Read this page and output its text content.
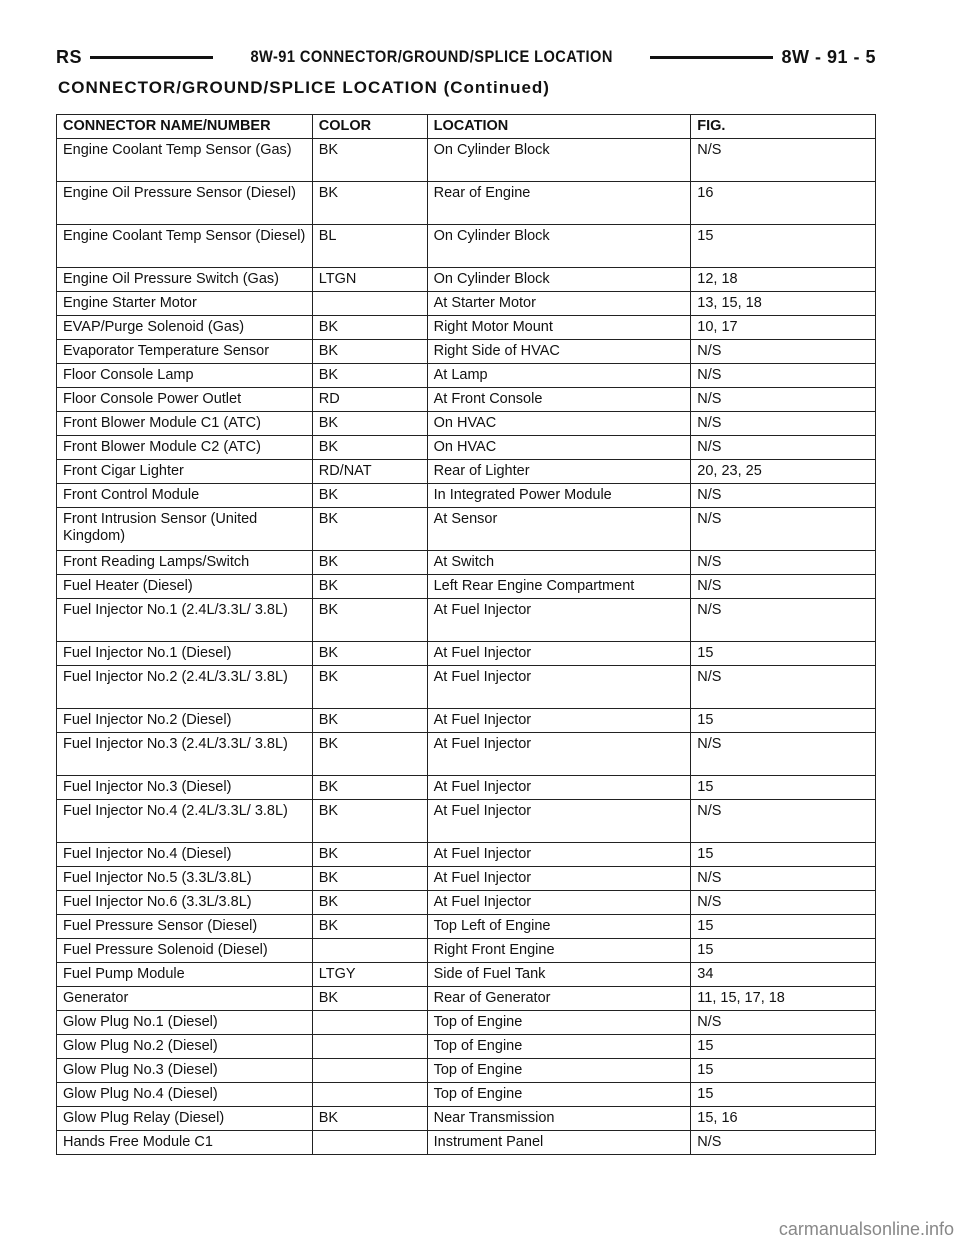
RS	8W-91 CONNECTOR/GROUND/SPLICE LOCATION	8W - 91 - 5
CONNECTOR/GROUND/SPLICE LOCATION (Continued)
CONNECTOR NAME/NUMBER	COLOR	LOCATION	FIG.
Engine Coolant Temp Sensor (Gas)	BK	On Cylinder Block	N/S
Engine Oil Pressure Sensor (Diesel)	BK	Rear of Engine	16
Engine Coolant Temp Sensor (Diesel)	BL	On Cylinder Block	15
Engine Oil Pressure Switch (Gas)	LTGN	On Cylinder Block	12, 18
Engine Starter Motor		At Starter Motor	13, 15, 18
EVAP/Purge Solenoid (Gas)	BK	Right Motor Mount	10, 17
Evaporator Temperature Sensor	BK	Right Side of HVAC	N/S
Floor Console Lamp	BK	At Lamp	N/S
Floor Console Power Outlet	RD	At Front Console	N/S
Front Blower Module C1 (ATC)	BK	On HVAC	N/S
Front Blower Module C2 (ATC)	BK	On HVAC	N/S
Front Cigar Lighter	RD/NAT	Rear of Lighter	20, 23, 25
Front Control Module	BK	In Integrated Power Module	N/S
Front Intrusion Sensor (United Kingdom)	BK	At Sensor	N/S
Front Reading Lamps/Switch	BK	At Switch	N/S
Fuel Heater (Diesel)	BK	Left Rear Engine Compartment	N/S
Fuel Injector No.1 (2.4L/3.3L/ 3.8L)	BK	At Fuel Injector	N/S
Fuel Injector No.1 (Diesel)	BK	At Fuel Injector	15
Fuel Injector No.2 (2.4L/3.3L/ 3.8L)	BK	At Fuel Injector	N/S
Fuel Injector No.2 (Diesel)	BK	At Fuel Injector	15
Fuel Injector No.3 (2.4L/3.3L/ 3.8L)	BK	At Fuel Injector	N/S
Fuel Injector No.3 (Diesel)	BK	At Fuel Injector	15
Fuel Injector No.4 (2.4L/3.3L/ 3.8L)	BK	At Fuel Injector	N/S
Fuel Injector No.4 (Diesel)	BK	At Fuel Injector	15
Fuel Injector No.5 (3.3L/3.8L)	BK	At Fuel Injector	N/S
Fuel Injector No.6 (3.3L/3.8L)	BK	At Fuel Injector	N/S
Fuel Pressure Sensor (Diesel)	BK	Top Left of Engine	15
Fuel Pressure Solenoid (Diesel)		Right Front Engine	15
Fuel Pump Module	LTGY	Side of Fuel Tank	34
Generator	BK	Rear of Generator	11, 15, 17, 18
Glow Plug No.1 (Diesel)		Top of Engine	N/S
Glow Plug No.2 (Diesel)		Top of Engine	15
Glow Plug No.3 (Diesel)		Top of Engine	15
Glow Plug No.4 (Diesel)		Top of Engine	15
Glow Plug Relay (Diesel)	BK	Near Transmission	15, 16
Hands Free Module C1		Instrument Panel	N/S
carmanualsonline.info
